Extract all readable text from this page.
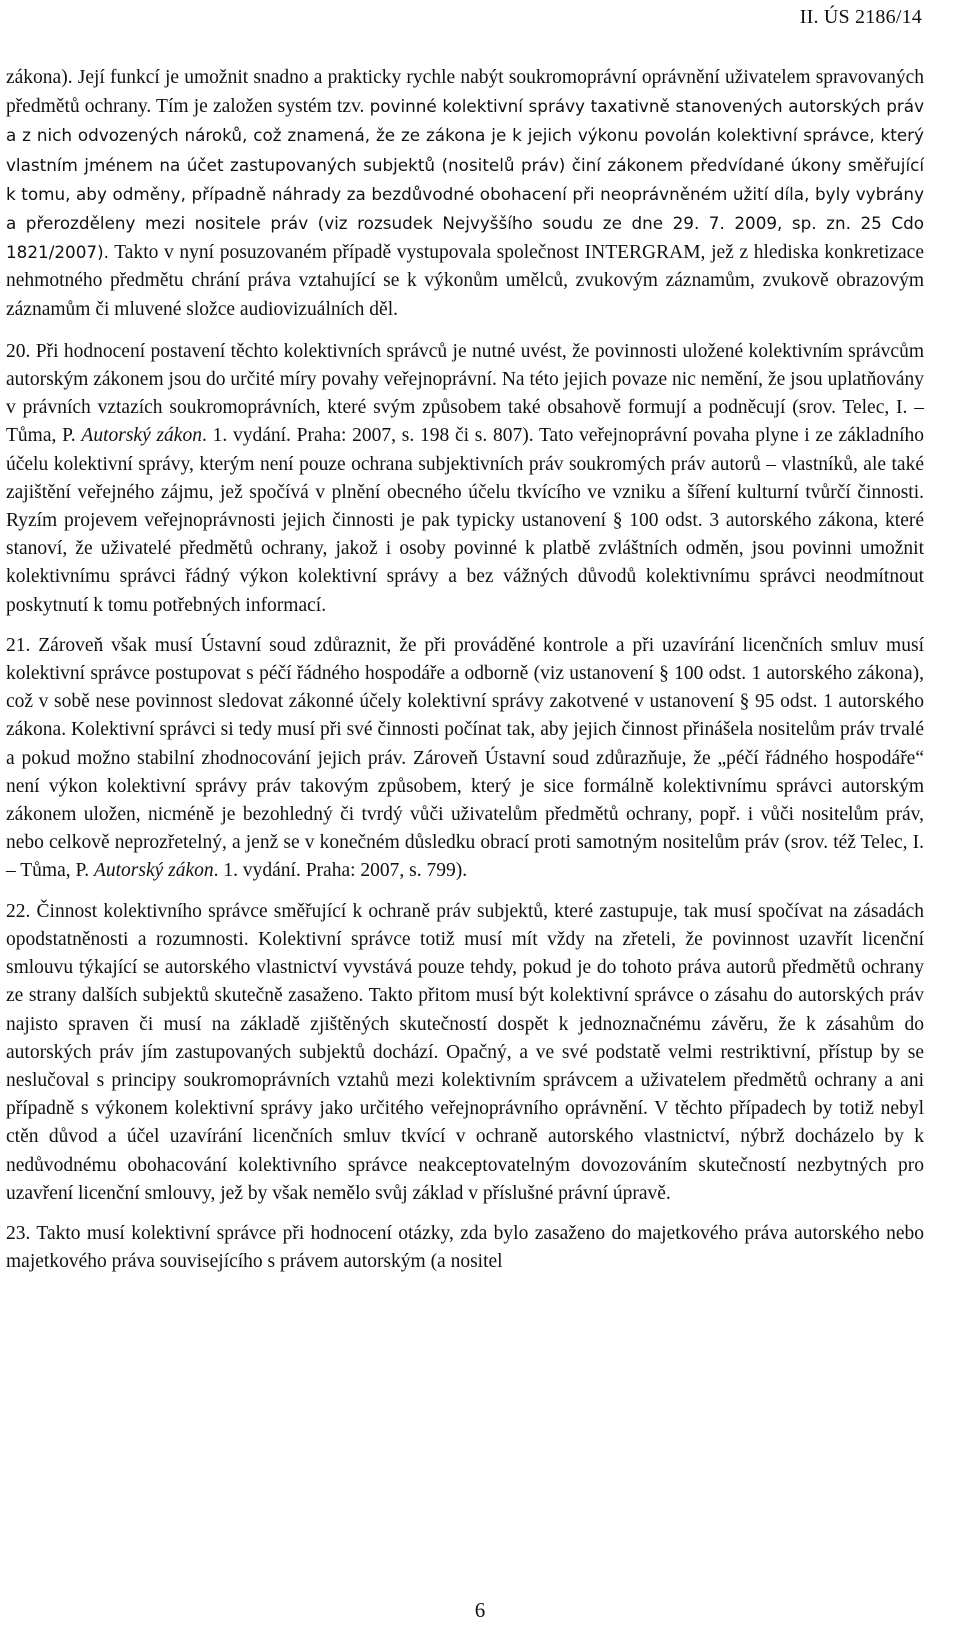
II. ÚS 2186/14

zákona). Její funkcí je umožnit snadno a prakticky rychle nabýt soukromoprávní oprávnění uživatelem spravovaných předmětů ochrany. Tím je založen systém tzv. povinné kolektivní správy taxativně stanovených autorských práv a z nich odvozených nároků, což znamená, že ze zákona je k jejich výkonu povolán kolektivní správce, který vlastním jménem na účet zastupovaných subjektů (nositelů práv) činí zákonem předvídané úkony směřující k tomu, aby odměny, případně náhrady za bezdůvodné obohacení při neoprávněném užití díla, byly vybrány a přerozděleny mezi nositele práv (viz rozsudek Nejvyššího soudu ze dne 29. 7. 2009, sp. zn. 25 Cdo 1821/2007). Takto v nyní posuzovaném případě vystupovala společnost INTERGRAM, jež z hlediska konkretizace nehmotného předmětu chrání práva vztahující se k výkonům umělců, zvukovým záznamům, zvukově obrazovým záznamům či mluvené složce audiovizuálních děl.

20. Při hodnocení postavení těchto kolektivních správců je nutné uvést, že povinnosti uložené kolektivním správcům autorským zákonem jsou do určité míry povahy veřejnoprávní. Na této jejich povaze nic nemění, že jsou uplatňovány v právních vztazích soukromoprávních, které svým způsobem také obsahově formují a podněcují (srov. Telec, I. – Tůma, P. Autorský zákon. 1. vydání. Praha: 2007, s. 198 či s. 807). Tato veřejnoprávní povaha plyne i ze základního účelu kolektivní správy, kterým není pouze ochrana subjektivních práv soukromých práv autorů – vlastníků, ale také zajištění veřejného zájmu, jež spočívá v plnění obecného účelu tkvícího ve vzniku a šíření kulturní tvůrčí činnosti. Ryzím projevem veřejnoprávnosti jejich činnosti je pak typicky ustanovení § 100 odst. 3 autorského zákona, které stanoví, že uživatelé předmětů ochrany, jakož i osoby povinné k platbě zvláštních odměn, jsou povinni umožnit kolektivnímu správci řádný výkon kolektivní správy a bez vážných důvodů kolektivnímu správci neodmítnout poskytnutí k tomu potřebných informací.

21. Zároveň však musí Ústavní soud zdůraznit, že při prováděné kontrole a při uzavírání licenčních smluv musí kolektivní správce postupovat s péčí řádného hospodáře a odborně (viz ustanovení § 100 odst. 1 autorského zákona), což v sobě nese povinnost sledovat zákonné účely kolektivní správy zakotvené v ustanovení § 95 odst. 1 autorského zákona. Kolektivní správci si tedy musí při své činnosti počínat tak, aby jejich činnost přinášela nositelům práv trvalé a pokud možno stabilní zhodnocování jejich práv. Zároveň Ústavní soud zdůrazňuje, že „péčí řádného hospodáře“ není výkon kolektivní správy práv takovým způsobem, který je sice formálně kolektivnímu správci autorským zákonem uložen, nicméně je bezohledný či tvrdý vůči uživatelům předmětů ochrany, popř. i vůči nositelům práv, nebo celkově neprozřetelný, a jenž se v konečném důsledku obrací proti samotným nositelům práv (srov. též Telec, I. – Tůma, P. Autorský zákon. 1. vydání. Praha: 2007, s. 799).

22. Činnost kolektivního správce směřující k ochraně práv subjektů, které zastupuje, tak musí spočívat na zásadách opodstatněnosti a rozumnosti. Kolektivní správce totiž musí mít vždy na zřeteli, že povinnost uzavřít licenční smlouvu týkající se autorského vlastnictví vyvstává pouze tehdy, pokud je do tohoto práva autorů předmětů ochrany ze strany dalších subjektů skutečně zasaženo. Takto přitom musí být kolektivní správce o zásahu do autorských práv najisto spraven či musí na základě zjištěných skutečností dospět k jednoznačnému závěru, že k zásahům do autorských práv jím zastupovaných subjektů dochází. Opačný, a ve své podstatě velmi restriktivní, přístup by se neslučoval s principy soukromoprávních vztahů mezi kolektivním správcem a uživatelem předmětů ochrany a ani případně s výkonem kolektivní správy jako určitého veřejnoprávního oprávnění. V těchto případech by totiž nebyl ctěn důvod a účel uzavírání licenčních smluv tkvící v ochraně autorského vlastnictví, nýbrž docházelo by k nedůvodnému obohacování kolektivního správce neakceptovatelným dovozováním skutečností nezbytných pro uzavření licenční smlouvy, jež by však nemělo svůj základ v příslušné právní úpravě.

23. Takto musí kolektivní správce při hodnocení otázky, zda bylo zasaženo do majetkového práva autorského nebo majetkového práva souvisejícího s právem autorským (a nositel

6
